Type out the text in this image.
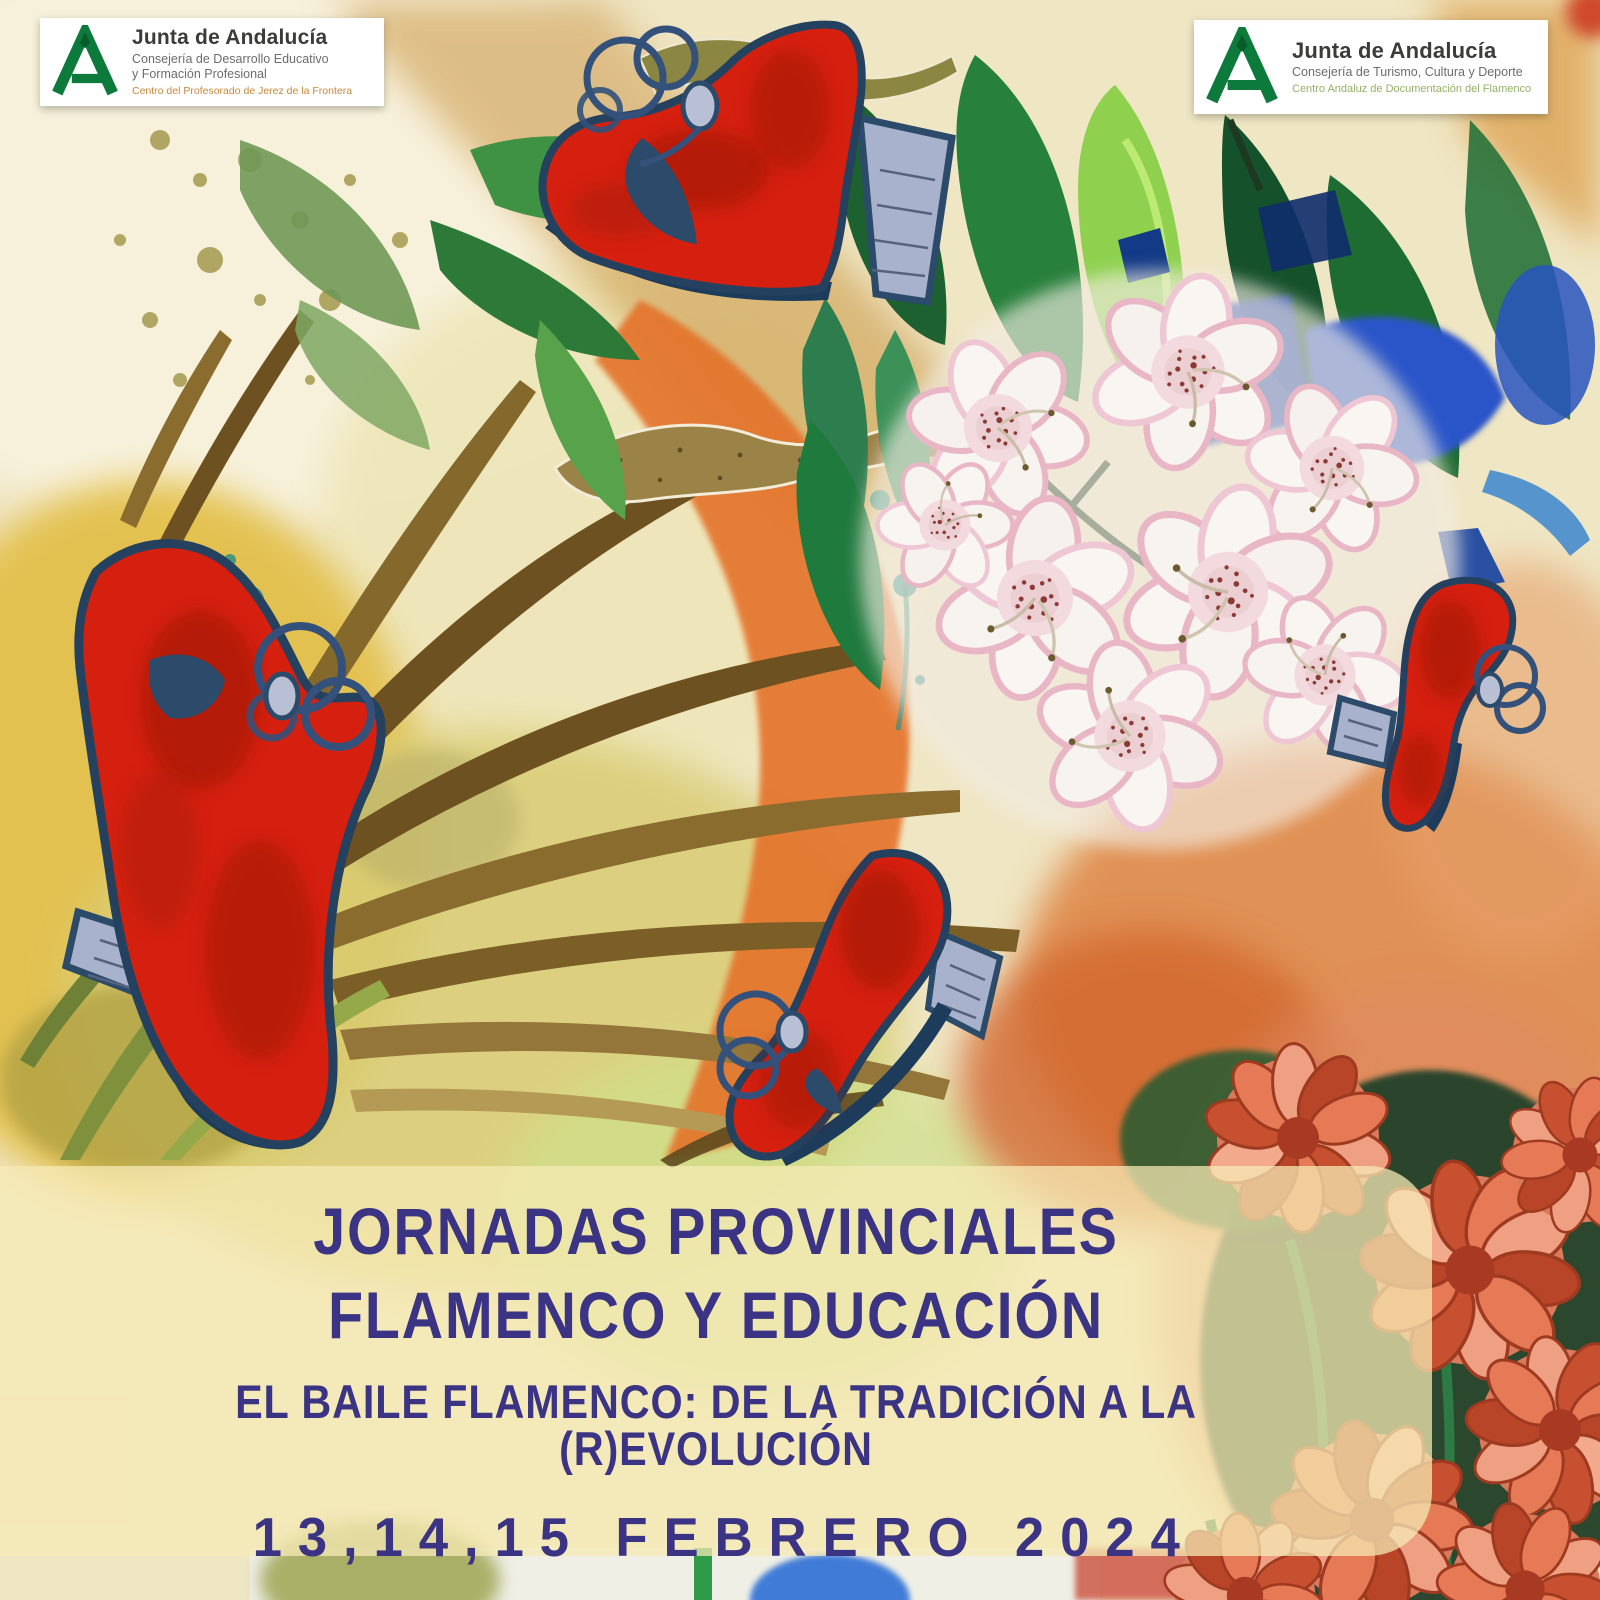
Junta de Andalucía
Consejería de Desarrollo Educativo
y Formación Profesional
Centro del Profesorado de Jerez de la Frontera
Junta de Andalucía
Consejería de Turismo, Cultura y Deporte
Centro Andaluz de Documentación del Flamenco
JORNADAS PROVINCIALES
FLAMENCO Y EDUCACIÓN
EL BAILE FLAMENCO: DE LA TRADICIÓN A LA (R)EVOLUCIÓN
13,14,15 FEBRERO 2024
